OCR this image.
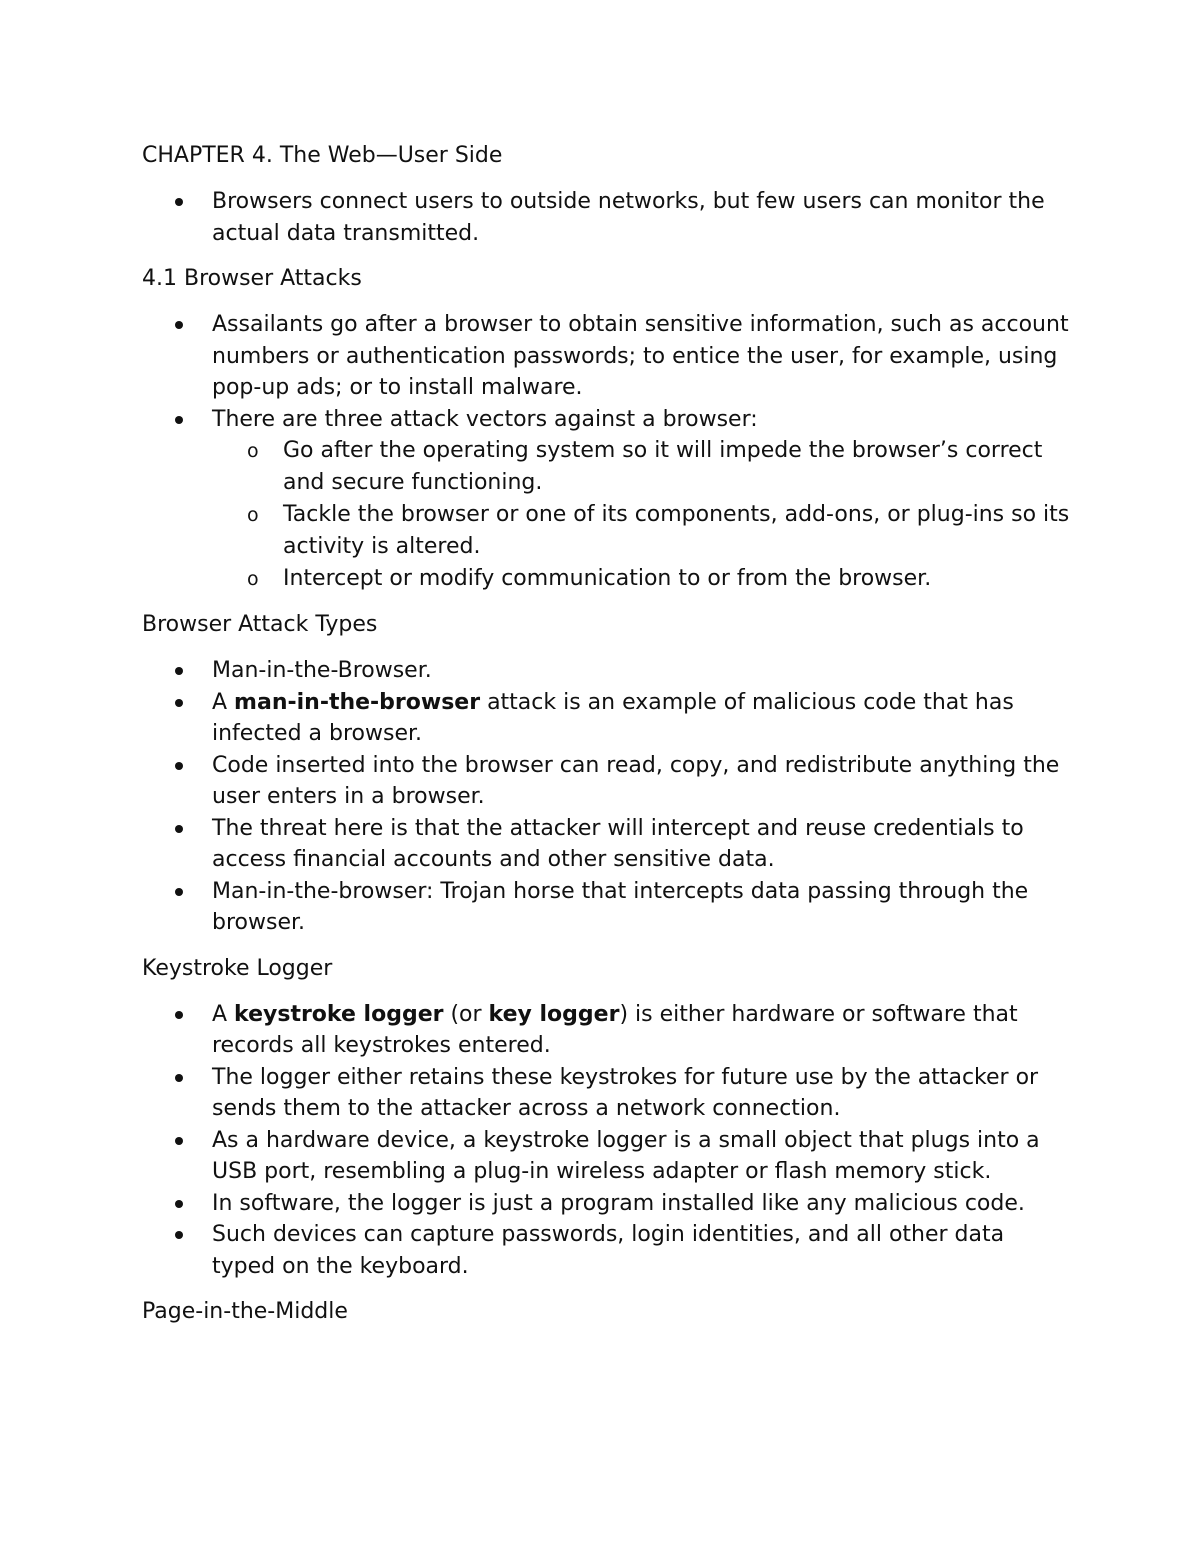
CHAPTER 4. The Web—User Side

Browsers connect users to outside networks, but few users can monitor the actual data transmitted.

4.1 Browser Attacks

Assailants go after a browser to obtain sensitive information, such as account numbers or authentication passwords; to entice the user, for example, using pop-up ads; or to install malware.
There are three attack vectors against a browser:
o Go after the operating system so it will impede the browser’s correct and secure functioning.
o Tackle the browser or one of its components, add-ons, or plug-ins so its activity is altered.
o Intercept or modify communication to or from the browser.

Browser Attack Types

Man-in-the-Browser.
A man-in-the-browser attack is an example of malicious code that has infected a browser.
Code inserted into the browser can read, copy, and redistribute anything the user enters in a browser.
The threat here is that the attacker will intercept and reuse credentials to access financial accounts and other sensitive data.
Man-in-the-browser: Trojan horse that intercepts data passing through the browser.

Keystroke Logger

A keystroke logger (or key logger) is either hardware or software that records all keystrokes entered.
The logger either retains these keystrokes for future use by the attacker or sends them to the attacker across a network connection.
As a hardware device, a keystroke logger is a small object that plugs into a USB port, resembling a plug-in wireless adapter or flash memory stick.
In software, the logger is just a program installed like any malicious code.
Such devices can capture passwords, login identities, and all other data typed on the keyboard.

Page-in-the-Middle
